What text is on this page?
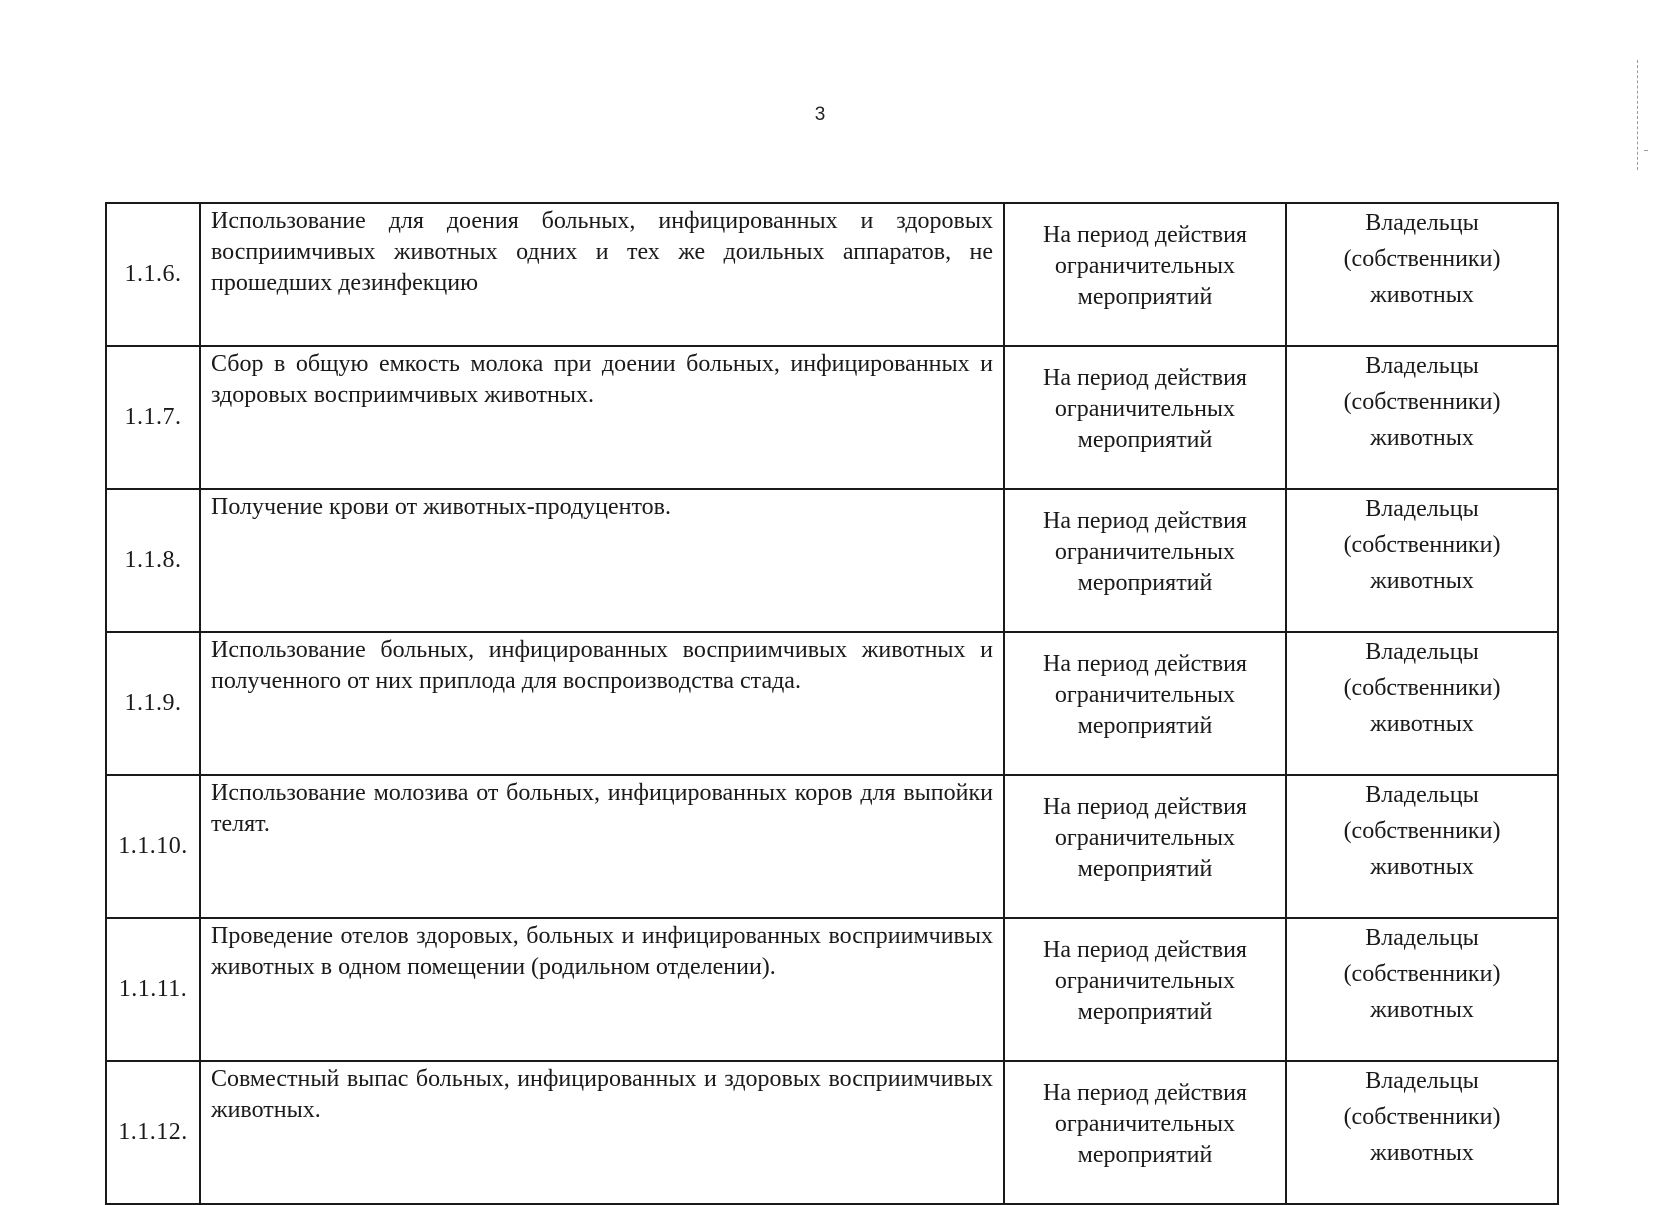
3
1.1.6.	Использование для доения больных, инфицированных и здоровых восприимчивых животных одних и тех же доильных аппаратов, не прошедших дезинфекцию	На период действия
ограничительных
мероприятий	Владельцы
(собственники)
животных

1.1.7.	Сбор в общую емкость молока при доении больных, инфицированных и здоровых восприимчивых животных.	На период действия
ограничительных
мероприятий	Владельцы
(собственники)
животных

1.1.8.	Получение крови от животных-продуцентов.	На период действия
ограничительных
мероприятий	Владельцы
(собственники)
животных

1.1.9.	Использование больных, инфицированных восприимчивых животных и полученного от них приплода для воспроизводства стада.	На период действия
ограничительных
мероприятий	Владельцы
(собственники)
животных

1.1.10.	Использование молозива от больных, инфицированных коров для выпойки телят.	На период действия
ограничительных
мероприятий	Владельцы
(собственники)
животных

1.1.11.	Проведение отелов здоровых, больных и инфицированных восприимчивых животных в одном помещении (родильном отделении).	На период действия
ограничительных
мероприятий	Владельцы
(собственники)
животных

1.1.12.	Совместный выпас больных, инфицированных и здоровых восприимчивых животных.	На период действия
ограничительных
мероприятий	Владельцы
(собственники)
животных
